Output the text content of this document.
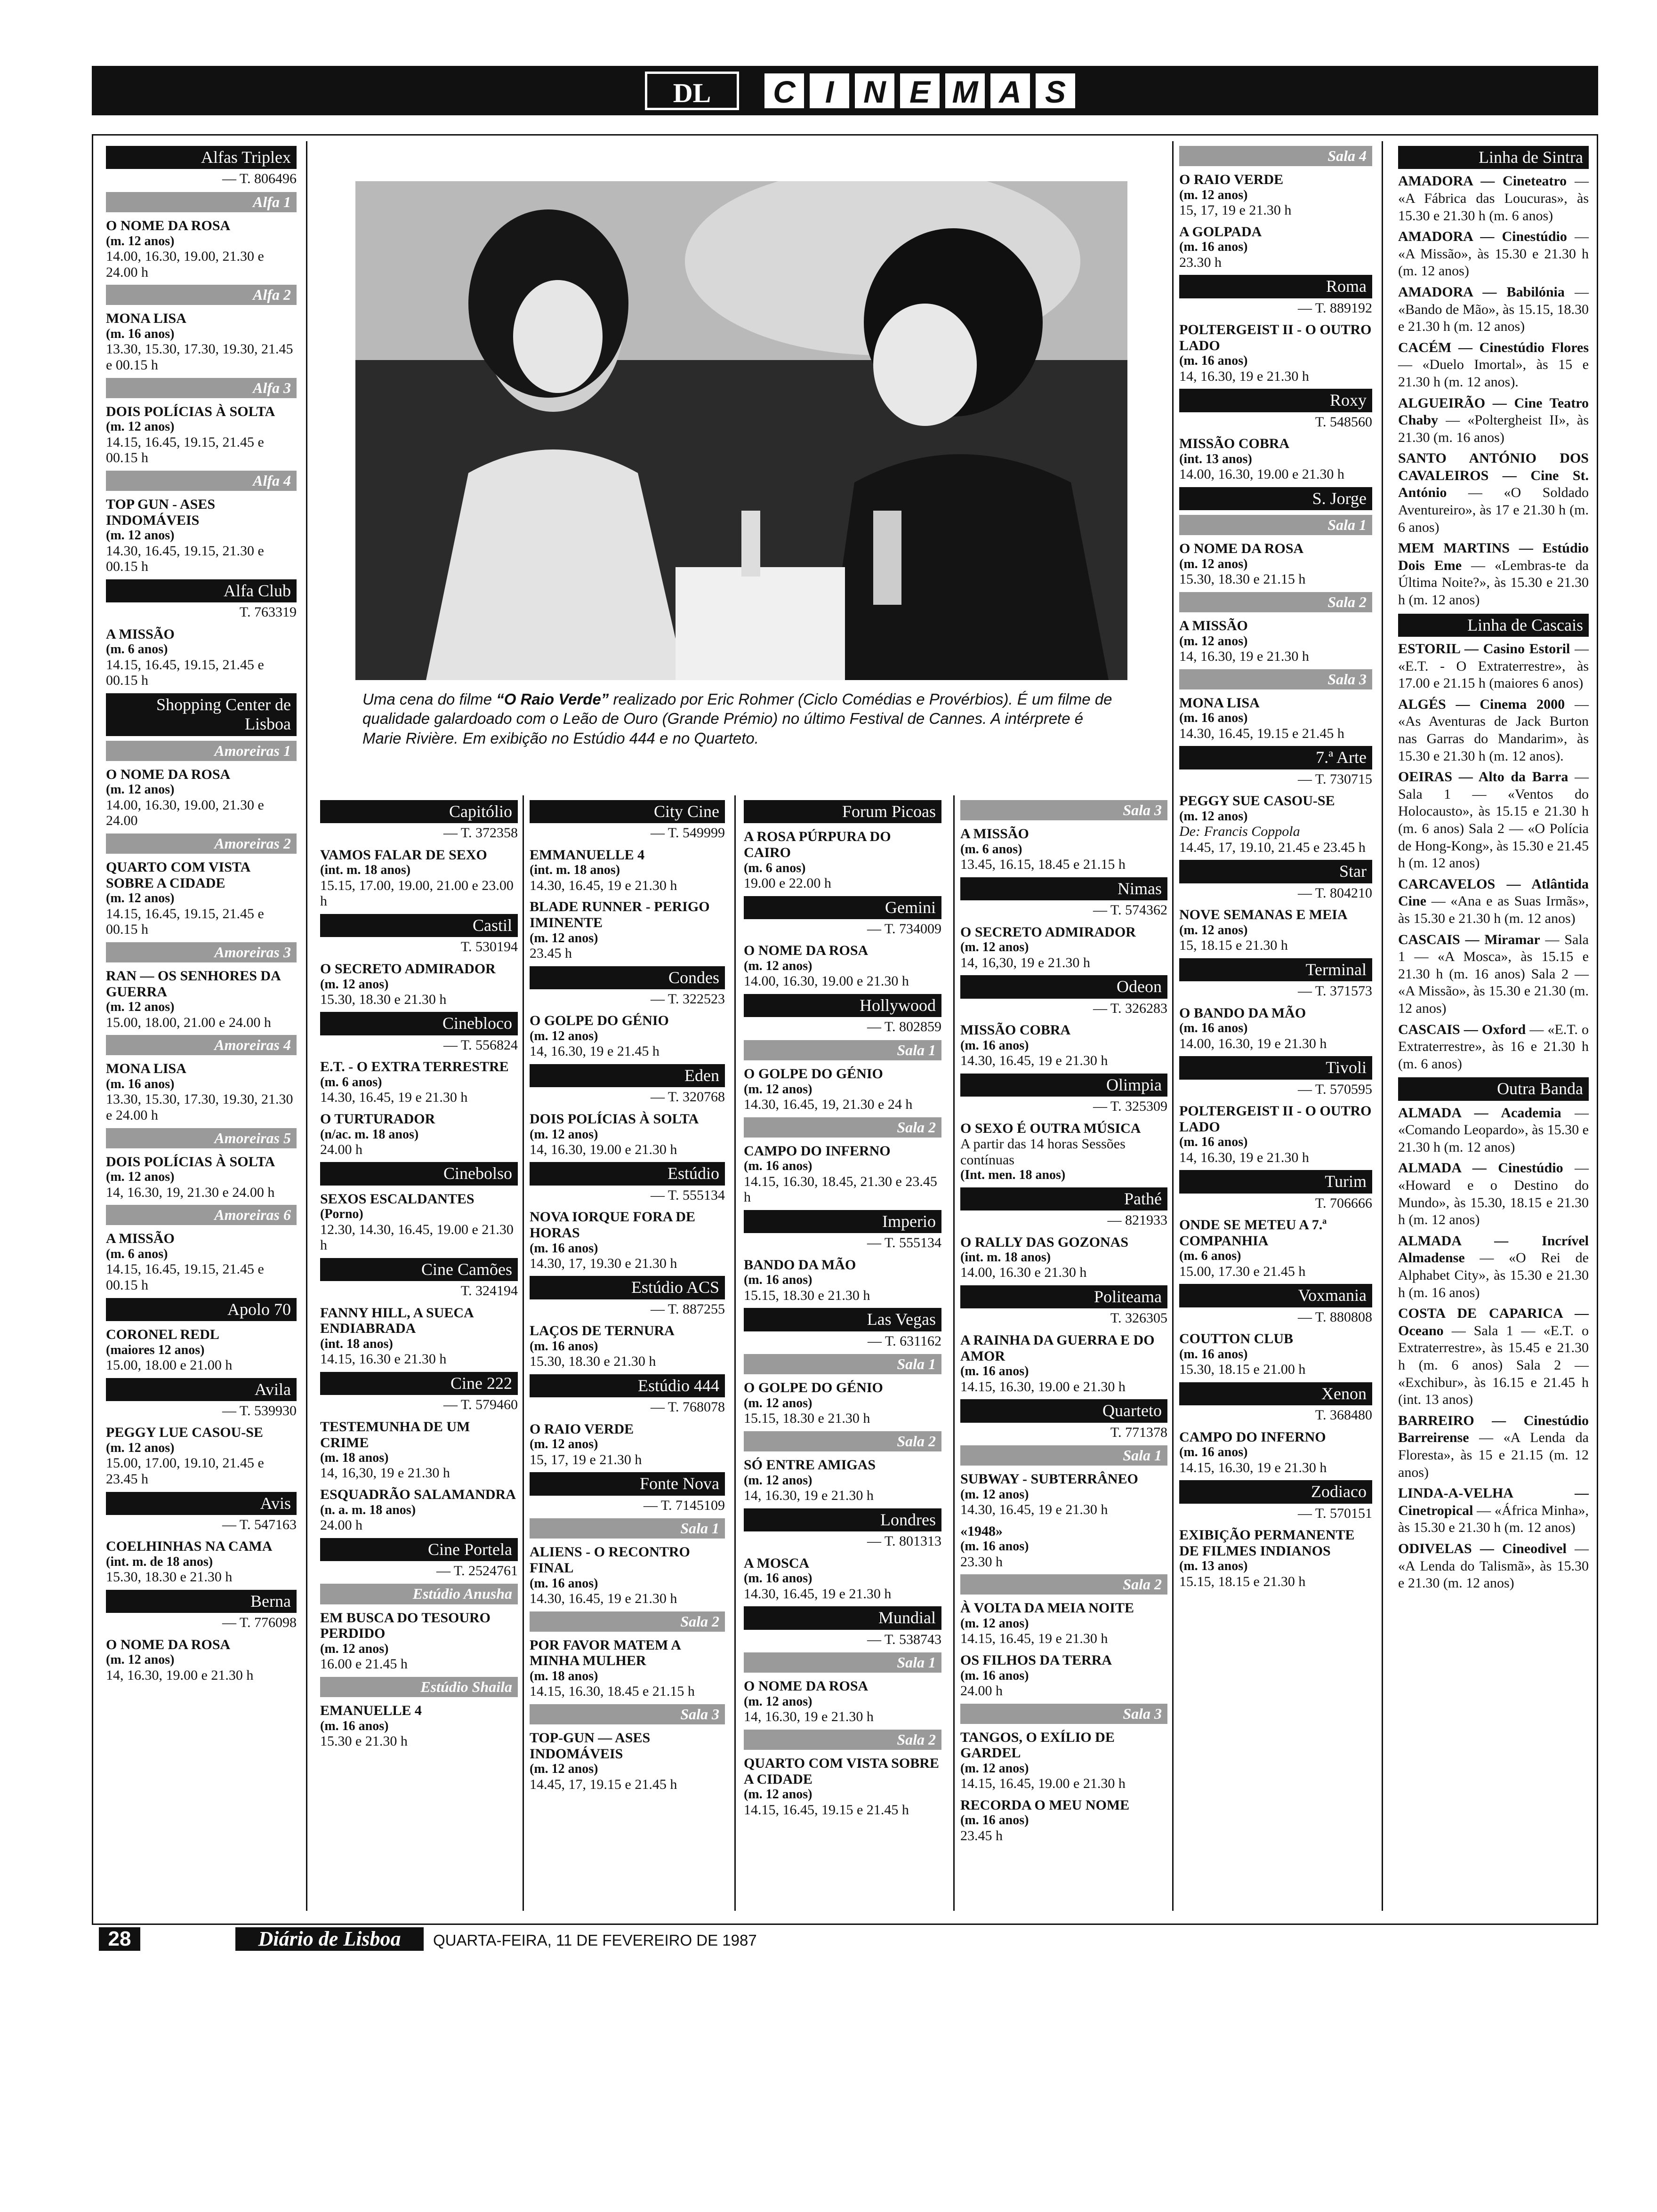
DL	C I N E M A S
Alfas Triplex
— T. 806496
Alfa 1
O NOME DA ROSA
(m. 12 anos)
14.00, 16.30, 19.00, 21.30 e 24.00 h
Alfa 2
MONA LISA
(m. 16 anos)
13.30, 15.30, 17.30, 19.30, 21.45 e 00.15 h
Alfa 3
DOIS POLÍCIAS À SOLTA
(m. 12 anos)
14.15, 16.45, 19.15, 21.45 e 00.15 h
Alfa 4
TOP GUN - ASES INDOMÁVEIS
(m. 12 anos)
14.30, 16.45, 19.15, 21.30 e 00.15 h
Alfa Club
T. 763319
A MISSÃO
(m. 6 anos)
14.15, 16.45, 19.15, 21.45 e 00.15 h
Shopping Center de Lisboa
Amoreiras 1
O NOME DA ROSA
(m. 12 anos)
14.00, 16.30, 19.00, 21.30 e 24.00
Amoreiras 2
QUARTO COM VISTA SOBRE A CIDADE
(m. 12 anos)
14.15, 16.45, 19.15, 21.45 e 00.15 h
Amoreiras 3
RAN — OS SENHORES DA GUERRA
(m. 12 anos)
15.00, 18.00, 21.00 e 24.00 h
Amoreiras 4
MONA LISA
(m. 16 anos)
13.30, 15.30, 17.30, 19.30, 21.30 e 24.00 h
Amoreiras 5
DOIS POLÍCIAS À SOLTA
(m. 12 anos)
14, 16.30, 19, 21.30 e 24.00 h
Amoreiras 6
A MISSÃO
(m. 6 anos)
14.15, 16.45, 19.15, 21.45 e 00.15 h
Apolo 70
CORONEL REDL
(maiores 12 anos)
15.00, 18.00 e 21.00 h
Avila
— T. 539930
PEGGY LUE CASOU-SE
(m. 12 anos)
15.00, 17.00, 19.10, 21.45 e 23.45 h
Avis
— T. 547163
COELHINHAS NA CAMA
(int. m. de 18 anos)
15.30, 18.30 e 21.30 h
Berna
— T. 776098
O NOME DA ROSA
(m. 12 anos)
14, 16.30, 19.00 e 21.30 h
Uma cena do filme “O Raio Verde” realizado por Eric Rohmer (Ciclo Comédias e Provérbios). É um filme de qualidade galardoado com o Leão de Ouro (Grande Prémio) no último Festival de Cannes. A intérprete é Marie Rivière. Em exibição no Estúdio 444 e no Quarteto.
Capitólio
— T. 372358
VAMOS FALAR DE SEXO
(int. m. 18 anos)
15.15, 17.00, 19.00, 21.00 e 23.00 h
Castil
T. 530194
O SECRETO ADMIRADOR
(m. 12 anos)
15.30, 18.30 e 21.30 h
Cinebloco
— T. 556824
E.T. - O EXTRA TERRESTRE
(m. 6 anos)
14.30, 16.45, 19 e 21.30 h
O TURTURADOR
(n/ac. m. 18 anos)
24.00 h
Cinebolso
SEXOS ESCALDANTES
(Porno)
12.30, 14.30, 16.45, 19.00 e 21.30 h
Cine Camões
T. 324194
FANNY HILL, A SUECA ENDIABRADA
(int. 18 anos)
14.15, 16.30 e 21.30 h
Cine 222
— T. 579460
TESTEMUNHA DE UM CRIME
(m. 18 anos)
14, 16,30, 19 e 21.30 h
ESQUADRÃO SALAMANDRA
(n. a. m. 18 anos)
24.00 h
Cine Portela
— T. 2524761
Estúdio Anusha
EM BUSCA DO TESOURO PERDIDO
(m. 12 anos)
16.00 e 21.45 h
Estúdio Shaila
EMANUELLE 4
(m. 16 anos)
15.30 e 21.30 h
City Cine
— T. 549999
EMMANUELLE 4
(int. m. 18 anos)
14.30, 16.45, 19 e 21.30 h
BLADE RUNNER - PERIGO IMINENTE
(m. 12 anos)
23.45 h
Condes
— T. 322523
O GOLPE DO GÉNIO
(m. 12 anos)
14, 16.30, 19 e 21.45 h
Eden
— T. 320768
DOIS POLÍCIAS À SOLTA
(m. 12 anos)
14, 16.30, 19.00 e 21.30 h
Estúdio
— T. 555134
NOVA IORQUE FORA DE HORAS
(m. 16 anos)
14.30, 17, 19.30 e 21.30 h
Estúdio ACS
— T. 887255
LAÇOS DE TERNURA
(m. 16 anos)
15.30, 18.30 e 21.30 h
Estúdio 444
— T. 768078
O RAIO VERDE
(m. 12 anos)
15, 17, 19 e 21.30 h
Fonte Nova
— T. 7145109
Sala 1
ALIENS - O RECONTRO FINAL
(m. 16 anos)
14.30, 16.45, 19 e 21.30 h
Sala 2
POR FAVOR MATEM A MINHA MULHER
(m. 18 anos)
14.15, 16.30, 18.45 e 21.15 h
Sala 3
TOP-GUN — ASES INDOMÁVEIS
(m. 12 anos)
14.45, 17, 19.15 e 21.45 h
Forum Picoas
A ROSA PÚRPURA DO CAIRO
(m. 6 anos)
19.00 e 22.00 h
Gemini
— T. 734009
O NOME DA ROSA
(m. 12 anos)
14.00, 16.30, 19.00 e 21.30 h
Hollywood
— T. 802859
Sala 1
O GOLPE DO GÉNIO
(m. 12 anos)
14.30, 16.45, 19, 21.30 e 24 h
Sala 2
CAMPO DO INFERNO
(m. 16 anos)
14.15, 16.30, 18.45, 21.30 e 23.45 h
Imperio
— T. 555134
BANDO DA MÃO
(m. 16 anos)
15.15, 18.30 e 21.30 h
Las Vegas
— T. 631162
Sala 1
O GOLPE DO GÉNIO
(m. 12 anos)
15.15, 18.30 e 21.30 h
Sala 2
SÓ ENTRE AMIGAS
(m. 12 anos)
14, 16.30, 19 e 21.30 h
Londres
— T. 801313
A MOSCA
(m. 16 anos)
14.30, 16.45, 19 e 21.30 h
Mundial
— T. 538743
Sala 1
O NOME DA ROSA
(m. 12 anos)
14, 16.30, 19 e 21.30 h
Sala 2
QUARTO COM VISTA SOBRE A CIDADE
(m. 12 anos)
14.15, 16.45, 19.15 e 21.45 h
Sala 3
A MISSÃO
(m. 6 anos)
13.45, 16.15, 18.45 e 21.15 h
Nimas
— T. 574362
O SECRETO ADMIRADOR
(m. 12 anos)
14, 16,30, 19 e 21.30 h
Odeon
— T. 326283
MISSÃO COBRA
(m. 16 anos)
14.30, 16.45, 19 e 21.30 h
Olimpia
— T. 325309
O SEXO É OUTRA MÚSICA
A partir das 14 horas Sessões contínuas
(Int. men. 18 anos)
Pathé
— 821933
O RALLY DAS GOZONAS
(int. m. 18 anos)
14.00, 16.30 e 21.30 h
Politeama
T. 326305
A RAINHA DA GUERRA E DO AMOR
(m. 16 anos)
14.15, 16.30, 19.00 e 21.30 h
Quarteto
T. 771378
Sala 1
SUBWAY - SUBTERRÂNEO
(m. 12 anos)
14.30, 16.45, 19 e 21.30 h
«1948»
(m. 16 anos)
23.30 h
Sala 2
À VOLTA DA MEIA NOITE
(m. 12 anos)
14.15, 16.45, 19 e 21.30 h
OS FILHOS DA TERRA
(m. 16 anos)
24.00 h
Sala 3
TANGOS, O EXÍLIO DE GARDEL
(m. 12 anos)
14.15, 16.45, 19.00 e 21.30 h
RECORDA O MEU NOME
(m. 16 anos)
23.45 h
Sala 4
O RAIO VERDE
(m. 12 anos)
15, 17, 19 e 21.30 h
A GOLPADA
(m. 16 anos)
23.30 h
Roma
— T. 889192
POLTERGEIST II - O OUTRO LADO
(m. 16 anos)
14, 16.30, 19 e 21.30 h
Roxy
T. 548560
MISSÃO COBRA
(int. 13 anos)
14.00, 16.30, 19.00 e 21.30 h
S. Jorge
Sala 1
O NOME DA ROSA
(m. 12 anos)
15.30, 18.30 e 21.15 h
Sala 2
A MISSÃO
(m. 12 anos)
14, 16.30, 19 e 21.30 h
Sala 3
MONA LISA
(m. 16 anos)
14.30, 16.45, 19.15 e 21.45 h
7.ª Arte
— T. 730715
PEGGY SUE CASOU-SE
(m. 12 anos)
De: Francis Coppola
14.45, 17, 19.10, 21.45 e 23.45 h
Star
— T. 804210
NOVE SEMANAS E MEIA
(m. 12 anos)
15, 18.15 e 21.30 h
Terminal
— T. 371573
O BANDO DA MÃO
(m. 16 anos)
14.00, 16.30, 19 e 21.30 h
Tivoli
— T. 570595
POLTERGEIST II - O OUTRO LADO
(m. 16 anos)
14, 16.30, 19 e 21.30 h
Turim
T. 706666
ONDE SE METEU A 7.ª COMPANHIA
(m. 6 anos)
15.00, 17.30 e 21.45 h
Voxmania
— T. 880808
COUTTON CLUB
(m. 16 anos)
15.30, 18.15 e 21.00 h
Xenon
T. 368480
CAMPO DO INFERNO
(m. 16 anos)
14.15, 16.30, 19 e 21.30 h
Zodiaco
— T. 570151
EXIBIÇÃO PERMANENTE DE FILMES INDIANOS
(m. 13 anos)
15.15, 18.15 e 21.30 h
Linha de Sintra
AMADORA — Cineteatro — «A Fábrica das Loucuras», às 15.30 e 21.30 h (m. 6 anos)
AMADORA — Cinestúdio — «A Missão», às 15.30 e 21.30 h (m. 12 anos)
AMADORA — Babilónia — «Bando de Mão», às 15.15, 18.30 e 21.30 h (m. 12 anos)
CACÉM — Cinestúdio Flores — «Duelo Imortal», às 15 e 21.30 h (m. 12 anos).
ALGUEIRÃO — Cine Teatro Chaby — «Poltergheist II», às 21.30 (m. 16 anos)
SANTO ANTÓNIO DOS CAVALEIROS — Cine St. António — «O Soldado Aventureiro», às 17 e 21.30 h (m. 6 anos)
MEM MARTINS — Estúdio Dois Eme — «Lembras-te da Última Noite?», às 15.30 e 21.30 h (m. 12 anos)
Linha de Cascais
ESTORIL — Casino Estoril — «E.T. - O Extraterrestre», às 17.00 e 21.15 h (maiores 6 anos)
ALGÉS — Cinema 2000 — «As Aventuras de Jack Burton nas Garras do Mandarim», às 15.30 e 21.30 h (m. 12 anos).
OEIRAS — Alto da Barra — Sala 1 — «Ventos do Holocausto», às 15.15 e 21.30 h (m. 6 anos) Sala 2 — «O Polícia de Hong-Kong», às 15.30 e 21.45 h (m. 12 anos)
CARCAVELOS — Atlântida Cine — «Ana e as Suas Irmãs», às 15.30 e 21.30 h (m. 12 anos)
CASCAIS — Miramar — Sala 1 — «A Mosca», às 15.15 e 21.30 h (m. 16 anos) Sala 2 — «A Missão», às 15.30 e 21.30 (m. 12 anos)
CASCAIS — Oxford — «E.T. o Extraterrestre», às 16 e 21.30 h (m. 6 anos)
Outra Banda
ALMADA — Academia — «Comando Leopardo», às 15.30 e 21.30 h (m. 12 anos)
ALMADA — Cinestúdio — «Howard e o Destino do Mundo», às 15.30, 18.15 e 21.30 h (m. 12 anos)
ALMADA — Incrível Almadense — «O Rei de Alphabet City», às 15.30 e 21.30 h (m. 16 anos)
COSTA DE CAPARICA — Oceano — Sala 1 — «E.T. o Extraterrestre», às 15.45 e 21.30 h (m. 6 anos) Sala 2 — «Exchibur», às 16.15 e 21.45 h (int. 13 anos)
BARREIRO — Cinestúdio Barreirense — «A Lenda da Floresta», às 15 e 21.15 (m. 12 anos)
LINDA-A-VELHA — Cinetropical — «África Minha», às 15.30 e 21.30 h (m. 12 anos)
ODIVELAS — Cineodivel — «A Lenda do Talismã», às 15.30 e 21.30 (m. 12 anos)
28	Diário de Lisboa	QUARTA-FEIRA, 11 DE FEVEREIRO DE 1987
